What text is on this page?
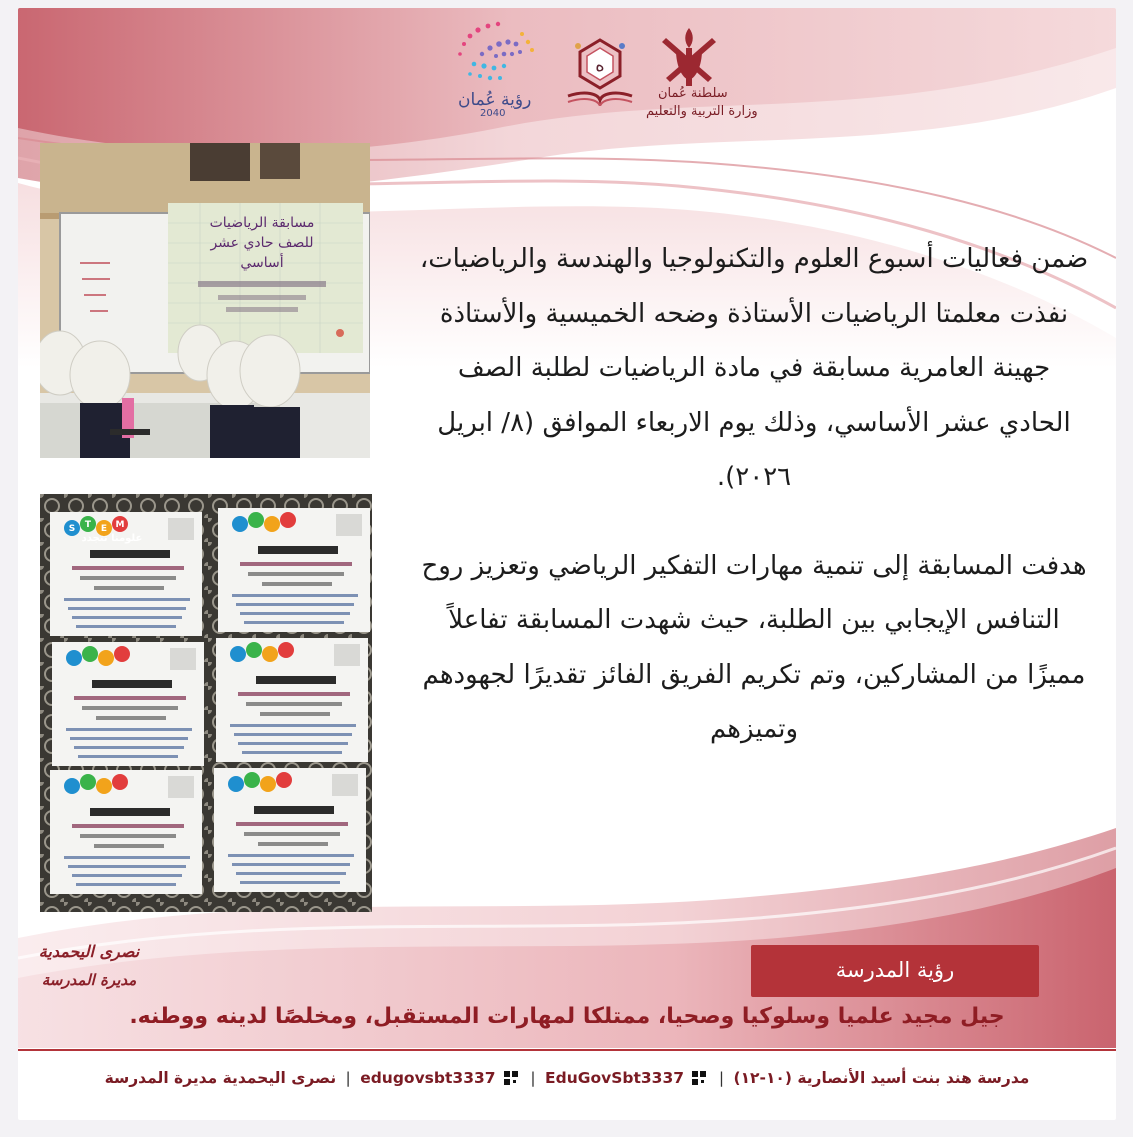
رؤية عُمان
2040
ه
سلطنة عُمان
وزارة التربية والتعليم
مسابقة الرياضيات
للصف حادي عشر
أساسي
علومنا تتجدد
S T E M

ضمن فعاليات أسبوع العلوم والتكنولوجيا والهندسة والرياضيات، نفذت معلمتا الرياضيات الأستاذة وضحه الخميسية والأستاذة جهينة العامرية مسابقة في مادة الرياضيات لطلبة الصف الحادي عشر الأساسي، وذلك يوم الاربعاء الموافق (٨/ ابريل ٢٠٢٦).

هدفت المسابقة إلى تنمية مهارات التفكير الرياضي وتعزيز روح التنافس الإيجابي بين الطلبة، حيث شهدت المسابقة تفاعلاً مميزًا من المشاركين، وتم تكريم الفريق الفائز تقديرًا لجهودهم وتميزهم

نصرى اليحمدية
مديرة المدرسة	رؤية المدرسة
جيل مجيد علميا وسلوكيا وصحيا، ممتلكا لمهارات المستقبل، ومخلصًا لدينه ووطنه.
مدرسة هند بنت أسيد الأنصارية (١٠-١٢) |  EduGovSbt3337 |  edugovsbt3337 | نصرى اليحمدية مديرة المدرسة
